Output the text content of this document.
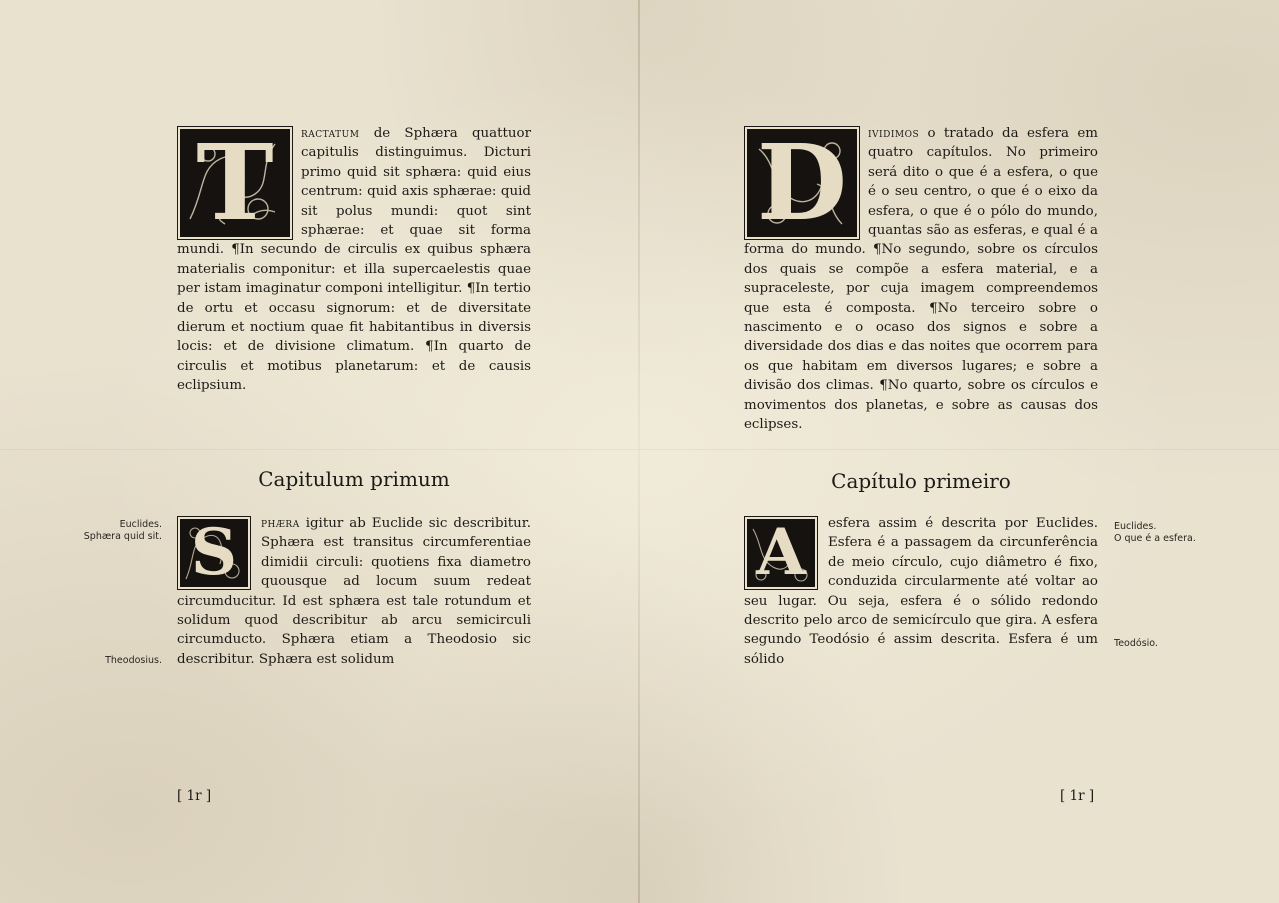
T	ractatum de Sphæra quattuor capitulis distinguimus. Dicturi primo quid sit sphæra: quid eius centrum: quid axis sphærae: quid sit polus mundi: quot sint sphærae: et quae sit forma mundi. ¶In secundo de circulis ex quibus sphæra materialis componitur: et illa supercaelestis quae per istam imaginatur componi intelligitur. ¶In tertio de ortu et occasu signorum: et de diversitate dierum et noctium quae fit habitantibus in diversis locis: et de divisione climatum. ¶In quarto de circulis et motibus planetarum: et de causis eclipsium.

Capitulum primum

S	phæra igitur ab Euclide sic describitur. Sphæra est transitus circumferentiae dimidii circuli: quotiens fixa diametro quousque ad locum suum redeat circumducitur. Id est sphæra est tale rotundum et solidum quod describitur ab arcu semicirculi circumducto. Sphæra etiam a Theodosio sic describitur. Sphæra est solidum

Euclides.
Sphæra quid sit.
Theodosius.
[ 1r ]

D	ividimos o tratado da esfera em quatro capítulos. No primeiro será dito o que é a esfera, o que é o seu centro, o que é o eixo da esfera, o que é o pólo do mundo, quantas são as esferas, e qual é a forma do mundo. ¶No segundo, sobre os círculos dos quais se compõe a esfera material, e a supraceleste, por cuja imagem compreendemos que esta é composta. ¶No terceiro sobre o nascimento e o ocaso dos signos e sobre a diversidade dos dias e das noites que ocorrem para os que habitam em diversos lugares; e sobre a divisão dos climas. ¶No quarto, sobre os círculos e movimentos dos planetas, e sobre as causas dos eclipses.

Capítulo primeiro

A	esfera assim é descrita por Euclides. Esfera é a passagem da circunferência de meio círculo, cujo diâmetro é fixo, conduzida circularmente até voltar ao seu lugar. Ou seja, esfera é o sólido redondo descrito pelo arco de semicírculo que gira. A esfera segundo Teodósio é assim descrita. Esfera é um sólido

Euclides.
O que é a esfera.
Teodósio.
[ 1r ]
